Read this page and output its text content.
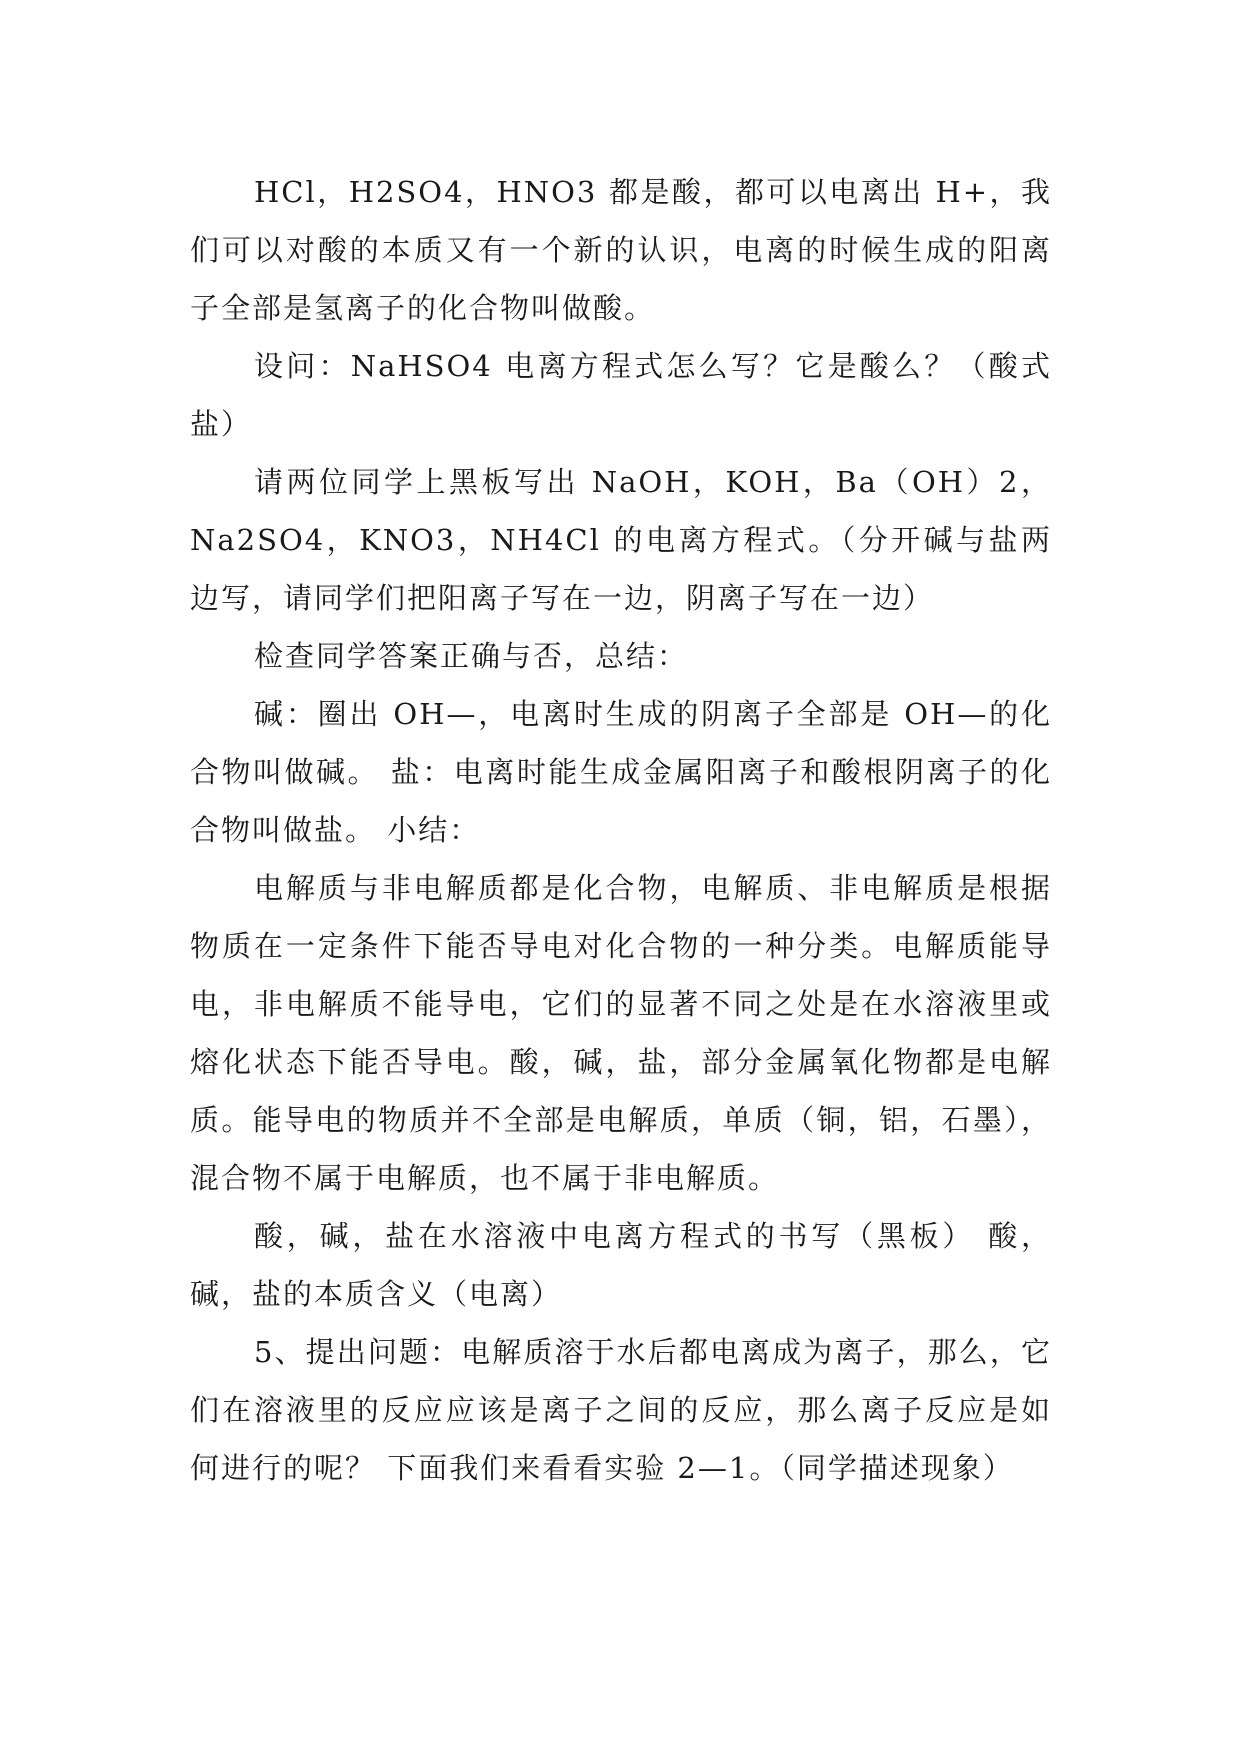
HCl，H2SO4，HNO3 都是酸，都可以电离出 H+，我们可以对酸的本质又有一个新的认识，电离的时候生成的阳离子全部是氢离子的化合物叫做酸。

设问：NaHSO4 电离方程式怎么写？它是酸么？（酸式盐）

请两位同学上黑板写出 NaOH，KOH，Ba（OH）2，Na2SO4，KNO3，NH4Cl 的电离方程式。（分开碱与盐两边写，请同学们把阳离子写在一边，阴离子写在一边）

检查同学答案正确与否，总结：

碱：圈出 OH—，电离时生成的阴离子全部是 OH—的化合物叫做碱。 盐：电离时能生成金属阳离子和酸根阴离子的化合物叫做盐。 小结：

电解质与非电解质都是化合物，电解质、非电解质是根据物质在一定条件下能否导电对化合物的一种分类。电解质能导电，非电解质不能导电，它们的显著不同之处是在水溶液里或熔化状态下能否导电。酸，碱，盐，部分金属氧化物都是电解质。能导电的物质并不全部是电解质，单质（铜，铝，石墨），混合物不属于电解质，也不属于非电解质。

酸，碱，盐在水溶液中电离方程式的书写（黑板） 酸，碱，盐的本质含义（电离）

5、提出问题：电解质溶于水后都电离成为离子，那么，它们在溶液里的反应应该是离子之间的反应，那么离子反应是如何进行的呢？ 下面我们来看看实验 2—1。（同学描述现象）
